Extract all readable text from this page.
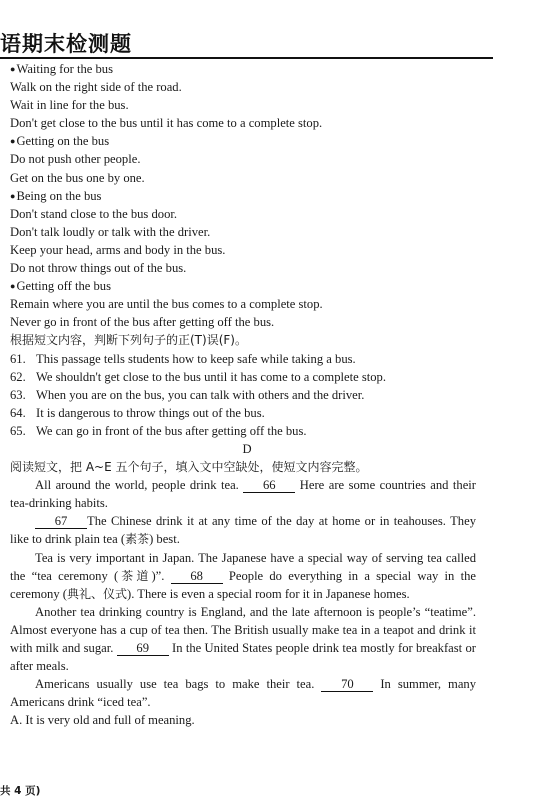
语期末检测题
● Waiting for the bus
Walk on the right side of the road.
Wait in line for the bus.
Don't get close to the bus until it has come to a complete stop.
● Getting on the bus
Do not push other people.
Get on the bus one by one.
● Being on the bus
Don't stand close to the bus door.
Don't talk loudly or talk with the driver.
Keep your head, arms and body in the bus.
Do not throw things out of the bus.
● Getting off the bus
Remain where you are until the bus comes to a complete stop.
Never go in front of the bus after getting off the bus.
根据短文内容，判断下列句子的正(T)误(F)。
61. This passage tells students how to keep safe while taking a bus.
62. We shouldn't get close to the bus until it has come to a complete stop.
63. When you are on the bus, you can talk with others and the driver.
64. It is dangerous to throw things out of the bus.
65. We can go in front of the bus after getting off the bus.
D
阅读短文，把 A~E 五个句子，填入文中空缺处，使短文内容完整。

All around the world, people drink tea. 66 Here are some countries and their tea-drinking habits.

67 The Chinese drink it at any time of the day at home or in teahouses. They like to drink plain tea (素茶) best.

Tea is very important in Japan. The Japanese have a special way of serving tea called the “tea ceremony (茶道)”. 68 People do everything in a special way in the ceremony (典礼、仪式). There is even a special room for it in Japanese homes.

Another tea drinking country is England, and the late afternoon is people’s “teatime”. Almost everyone has a cup of tea then. The British usually make tea in a teapot and drink it with milk and sugar. 69 In the United States people drink tea mostly for breakfast or after meals.

Americans usually use tea bags to make their tea. 70 In summer, many Americans drink “iced tea”.

A. It is very old and full of meaning.
共 4 页)
